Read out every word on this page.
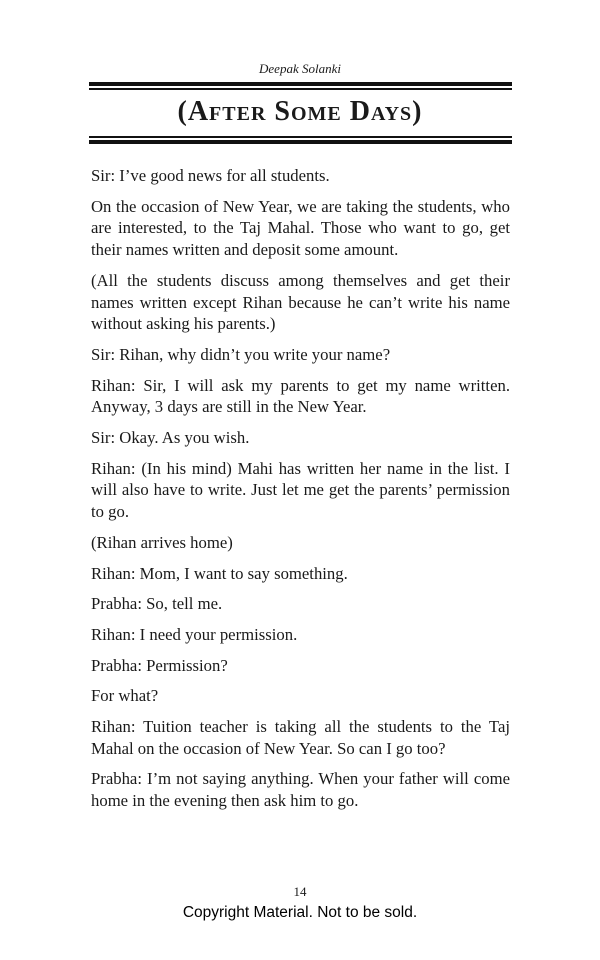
Deepak Solanki
(After Some Days)

Sir: I’ve good news for all students.

On the occasion of New Year, we are taking the students, who are interested, to the Taj Mahal. Those who want to go, get their names written and deposit some amount.

(All the students discuss among themselves and get their names written except Rihan because he can’t write his name without asking his parents.)

Sir: Rihan, why didn’t you write your name?

Rihan: Sir, I will ask my parents to get my name written. Anyway, 3 days are still in the New Year.

Sir: Okay. As you wish.

Rihan: (In his mind) Mahi has written her name in the list. I will also have to write. Just let me get the parents’ permission to go.

(Rihan arrives home)

Rihan: Mom, I want to say something.

Prabha: So, tell me.

Rihan: I need your permission.

Prabha: Permission?

For what?

Rihan: Tuition teacher is taking all the students to the Taj Mahal on the occasion of New Year. So can I go too?

Prabha: I’m not saying anything. When your father will come home in the evening then ask him to go.

14
Copyright Material. Not to be sold.
